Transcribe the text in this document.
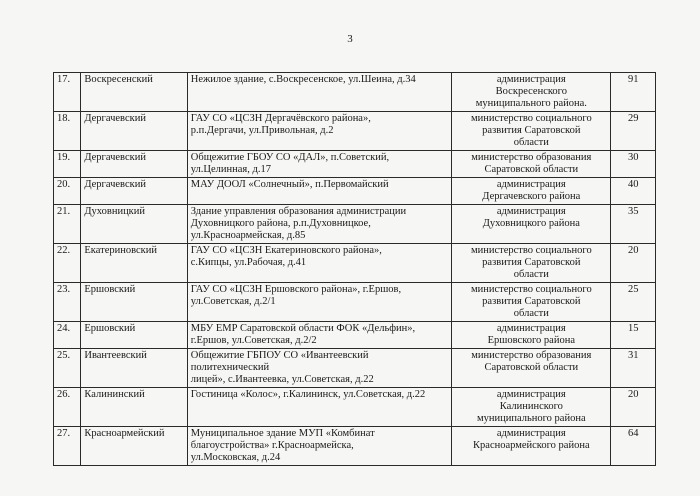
3
17.	Воскресенский	Нежилое здание, с.Воскресенское, ул.Шеина, д.34	администрация
Воскресенского
муниципального района.	91

18.	Дергачевский	ГАУ СО «ЦСЗН Дергачёвского района»,
р.п.Дергачи, ул.Привольная, д.2	министерство социального
развития Саратовской
области	29

19.	Дергачевский	Общежитие ГБОУ СО «ДАЛ», п.Советский,
ул.Целинная, д.17	министерство образования
Саратовской области	30

20.	Дергачевский	МАУ ДООЛ «Солнечный», п.Первомайский	администрация
Дергачевского района	40

21.	Духовницкий	Здание управления образования администрации
Духовницкого района, р.п.Духовницкое,
ул.Красноармейская, д.85	администрация
Духовницкого района	35

22.	Екатериновский	ГАУ СО «ЦСЗН Екатериновского района»,
с.Кипцы, ул.Рабочая, д.41	министерство социального
развития Саратовской
области	20

23.	Ершовский	ГАУ СО «ЦСЗН Ершовского района», г.Ершов,
ул.Советская, д.2/1	министерство социального
развития Саратовской
области	25

24.	Ершовский	МБУ ЕМР Саратовской области ФОК «Дельфин»,
г.Ершов, ул.Советская, д.2/2	администрация
Ершовского района	15

25.	Ивантеевский	Общежитие ГБПОУ СО «Ивантеевский политехнический
лицей», с.Ивантеевка, ул.Советская, д.22	министерство образования
Саратовской области	31

26.	Калининский	Гостиница «Колос», г.Калининск, ул.Советская, д.22	администрация
Калининского
муниципального района	20

27.	Красноармейский	Муниципальное здание МУП «Комбинат
благоустройства» г.Красноармейска,
ул.Московская, д.24	администрация
Красноармейского района	64
